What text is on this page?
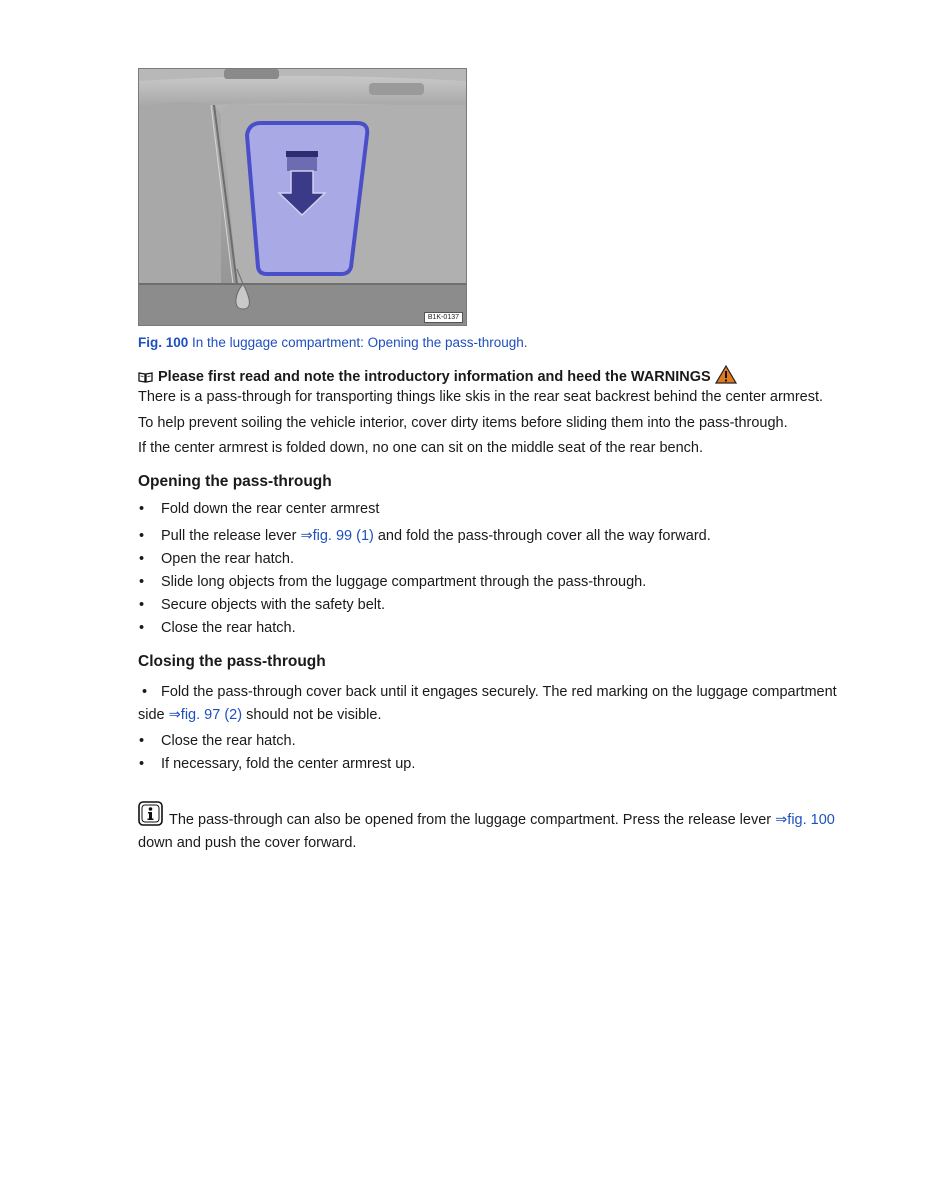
B1K-0137
Fig. 100 In the luggage compartment: Opening the pass-through.
Please first read and note the introductory information and heed the WARNINGS

There is a pass-through for transporting things like skis in the rear seat backrest behind the center armrest.

To help prevent soiling the vehicle interior, cover dirty items before sliding them into the pass-through.

If the center armrest is folded down, no one can sit on the middle seat of the rear bench.

Opening the pass-through
• Fold down the rear center armrest
• Pull the release lever ⇒fig. 99 (1) and fold the pass-through cover all the way forward.
• Open the rear hatch.
• Slide long objects from the luggage compartment through the pass-through.
• Secure objects with the safety belt.
• Close the rear hatch.
Closing the pass-through
• Fold the pass-through cover back until it engages securely. The red marking on the luggage compartment side ⇒fig. 97 (2) should not be visible.
• Close the rear hatch.
• If necessary, fold the center armrest up.
The pass-through can also be opened from the luggage compartment. Press the release lever ⇒fig. 100 down and push the cover forward.
